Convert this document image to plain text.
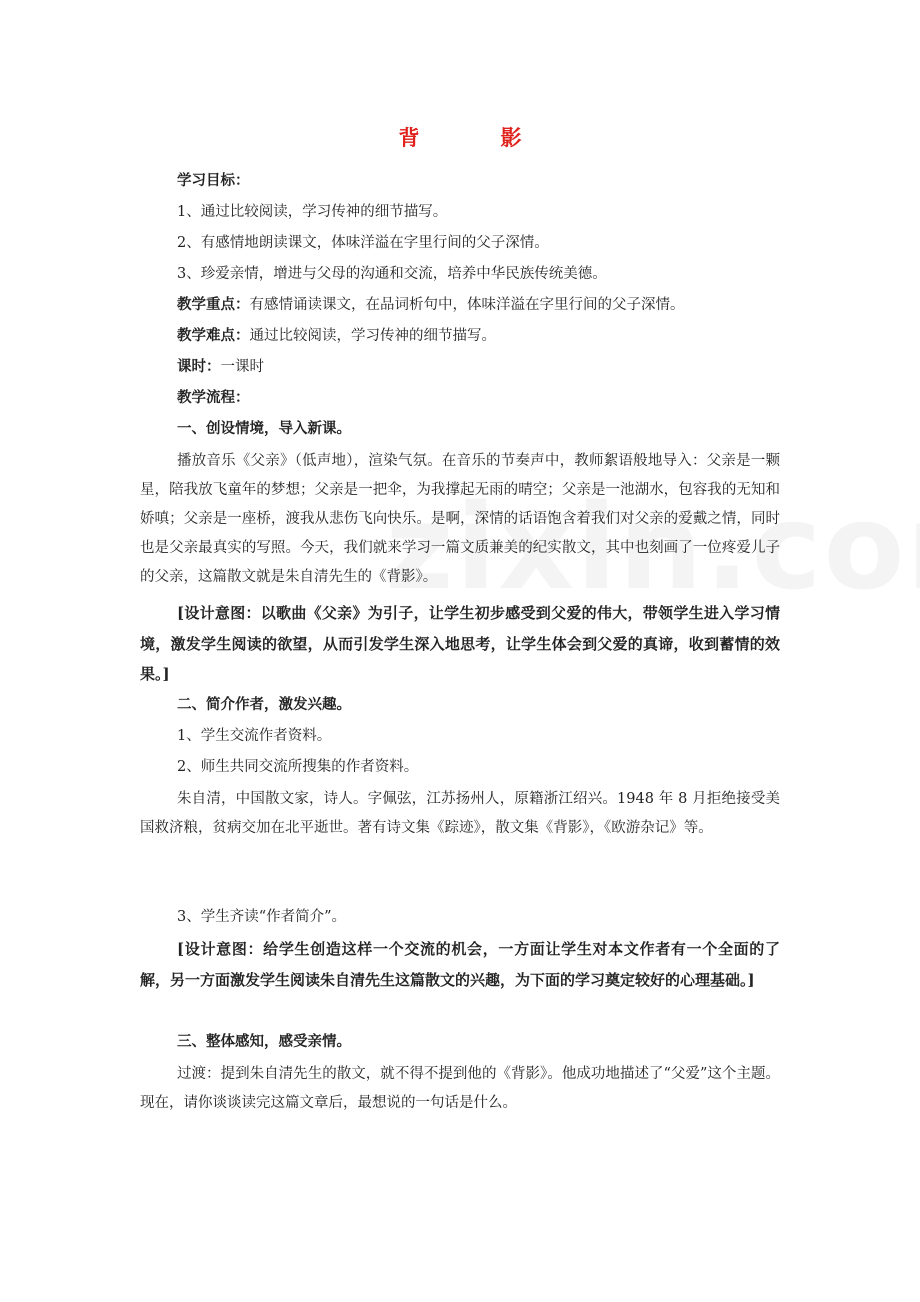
背　影
学习目标：
1、通过比较阅读，学习传神的细节描写。
2、有感情地朗读课文，体味洋溢在字里行间的父子深情。
3、珍爱亲情，增进与父母的沟通和交流，培养中华民族传统美德。
教学重点：有感情诵读课文，在品词析句中，体味洋溢在字里行间的父子深情。
教学难点：通过比较阅读，学习传神的细节描写。
课时：一课时
教学流程：
一、创设情境，导入新课。
播放音乐《父亲》（低声地），渲染气氛。在音乐的节奏声中，教师絮语般地导入：父亲是一颗星，陪我放飞童年的梦想；父亲是一把伞，为我撑起无雨的晴空；父亲是一池湖水，包容我的无知和娇嗔；父亲是一座桥，渡我从悲伤飞向快乐。是啊，深情的话语饱含着我们对父亲的爱戴之情，同时也是父亲最真实的写照。今天，我们就来学习一篇文质兼美的纪实散文，其中也刻画了一位疼爱儿子的父亲，这篇散文就是朱自清先生的《背影》。
[设计意图：以歌曲《父亲》为引子，让学生初步感受到父爱的伟大，带领学生进入学习情境，激发学生阅读的欲望，从而引发学生深入地思考，让学生体会到父爱的真谛，收到蓄情的效果。]
二、简介作者，激发兴趣。
1、学生交流作者资料。
2、师生共同交流所搜集的作者资料。
朱自清，中国散文家，诗人。字佩弦，江苏扬州人，原籍浙江绍兴。1948 年 8 月拒绝接受美国救济粮，贫病交加在北平逝世。著有诗文集《踪迹》，散文集《背影》，《欧游杂记》等。
3、学生齐读“作者简介”。
[设计意图：给学生创造这样一个交流的机会，一方面让学生对本文作者有一个全面的了解，另一方面激发学生阅读朱自清先生这篇散文的兴趣，为下面的学习奠定较好的心理基础。]
三、整体感知，感受亲情。
过渡：提到朱自清先生的散文，就不得不提到他的《背影》。他成功地描述了“父爱”这个主题。现在，请你谈谈读完这篇文章后，最想说的一句话是什么。
